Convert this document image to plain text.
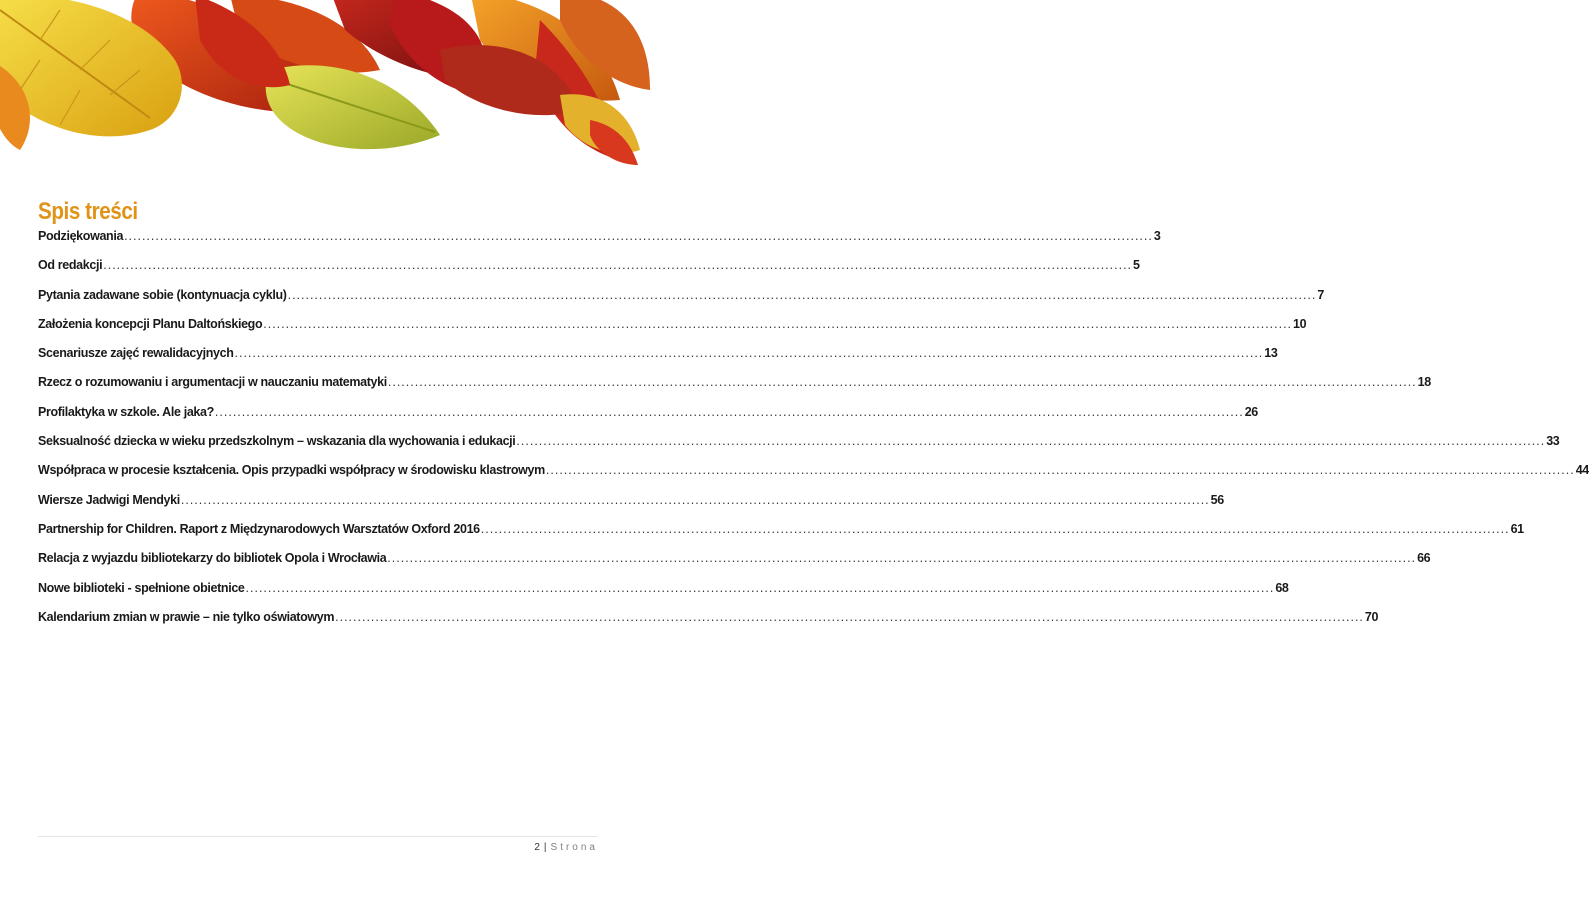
Spis treści
Podziękowania .....	3
Od redakcji .....	5
Pytania zadawane sobie (kontynuacja cyklu) .....	7
Założenia koncepcji Planu Daltońskiego .....	10
Scenariusze zajęć rewalidacyjnych .....	13
Rzecz o rozumowaniu i argumentacji w nauczaniu matematyki .....	18
Profilaktyka w szkole. Ale jaka? .....	26
Seksualność dziecka w wieku przedszkolnym – wskazania dla wychowania i edukacji .....	33
Współpraca w procesie kształcenia. Opis przypadki współpracy w środowisku klastrowym .....	44
Wiersze Jadwigi Mendyki .....	56
Partnership for Children. Raport z Międzynarodowych Warsztatów Oxford 2016 .....	61
Relacja z wyjazdu bibliotekarzy do bibliotek Opola i Wrocławia .....	66
Nowe biblioteki - spełnione obietnice .....	68
Kalendarium zmian w prawie – nie tylko oświatowym .....	70
2 | Strona
